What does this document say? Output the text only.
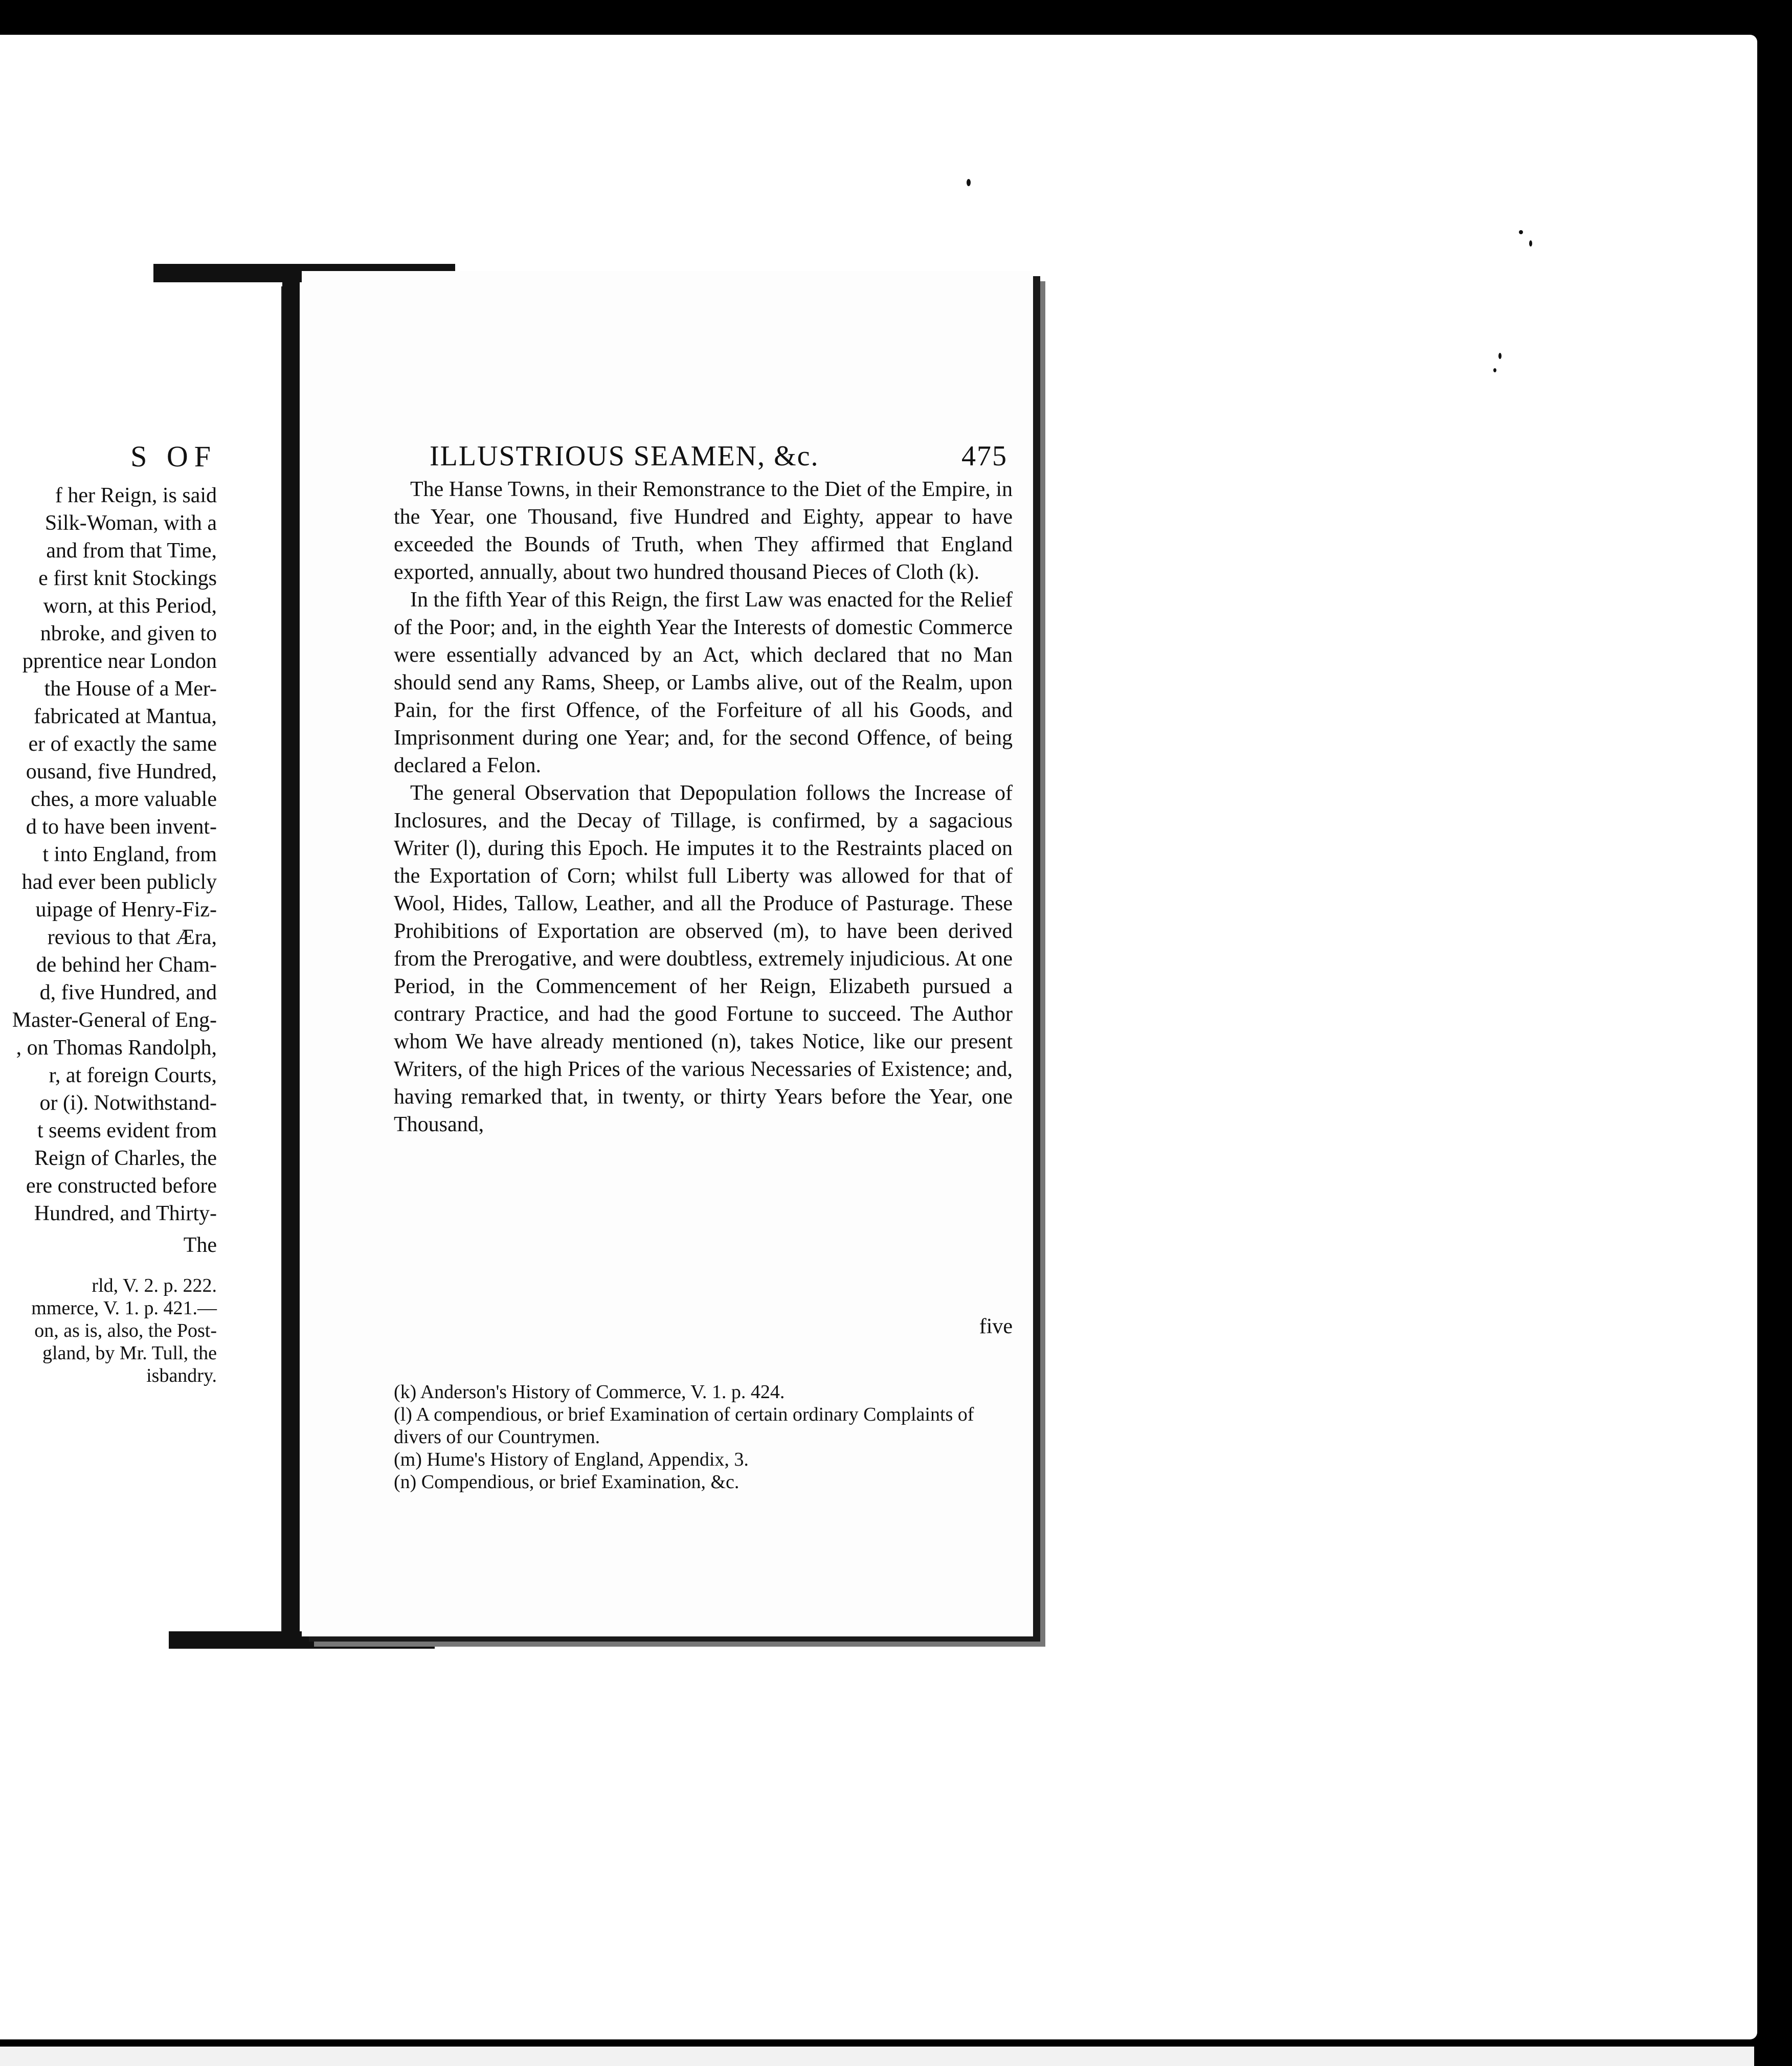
S OF
f her Reign, is said
Silk-Woman, with a
and from that Time,
e first knit Stockings
worn, at this Period,
nbroke, and given to
pprentice near London
the House of a Mer-
fabricated at Mantua,
er of exactly the same
ousand, five Hundred,
ches, a more valuable
d to have been invent-
t into England, from
had ever been publicly
uipage of Henry-Fiz-
revious to that Æra,
de behind her Cham-
d, five Hundred, and
Master-General of Eng-
, on Thomas Randolph,
r, at foreign Courts,
or (i). Notwithstand-
t seems evident from
Reign of Charles, the
ere constructed before
Hundred, and Thirty-
The
rld, V. 2. p. 222.
mmerce, V. 1. p. 421.—
on, as is, also, the Post-
gland, by Mr. Tull, the
isbandry.
ILLUSTRIOUS SEAMEN, &c.	475

The Hanse Towns, in their Remonstrance to the Diet of the Empire, in the Year, one Thousand, five Hundred and Eighty, appear to have exceeded the Bounds of Truth, when They affirmed that England exported, annually, about two hundred thousand Pieces of Cloth (k).

In the fifth Year of this Reign, the first Law was enacted for the Relief of the Poor; and, in the eighth Year the Interests of domestic Commerce were essentially advanced by an Act, which declared that no Man should send any Rams, Sheep, or Lambs alive, out of the Realm, upon Pain, for the first Offence, of the Forfeiture of all his Goods, and Imprisonment during one Year; and, for the second Offence, of being declared a Felon.

The general Observation that Depopulation follows the Increase of Inclosures, and the Decay of Tillage, is confirmed, by a sagacious Writer (l), during this Epoch. He imputes it to the Restraints placed on the Exportation of Corn; whilst full Liberty was allowed for that of Wool, Hides, Tallow, Leather, and all the Produce of Pasturage. These Prohibitions of Exportation are observed (m), to have been derived from the Prerogative, and were doubtless, extremely injudicious. At one Period, in the Commencement of her Reign, Elizabeth pursued a contrary Practice, and had the good Fortune to succeed. The Author whom We have already mentioned (n), takes Notice, like our present Writers, of the high Prices of the various Necessaries of Existence; and, having remarked that, in twenty, or thirty Years before the Year, one Thousand,

five
(k) Anderson's History of Commerce, V. 1. p. 424.
(l) A compendious, or brief Examination of certain ordinary Complaints of divers of our Countrymen.
(m) Hume's History of England, Appendix, 3.
(n) Compendious, or brief Examination, &c.
